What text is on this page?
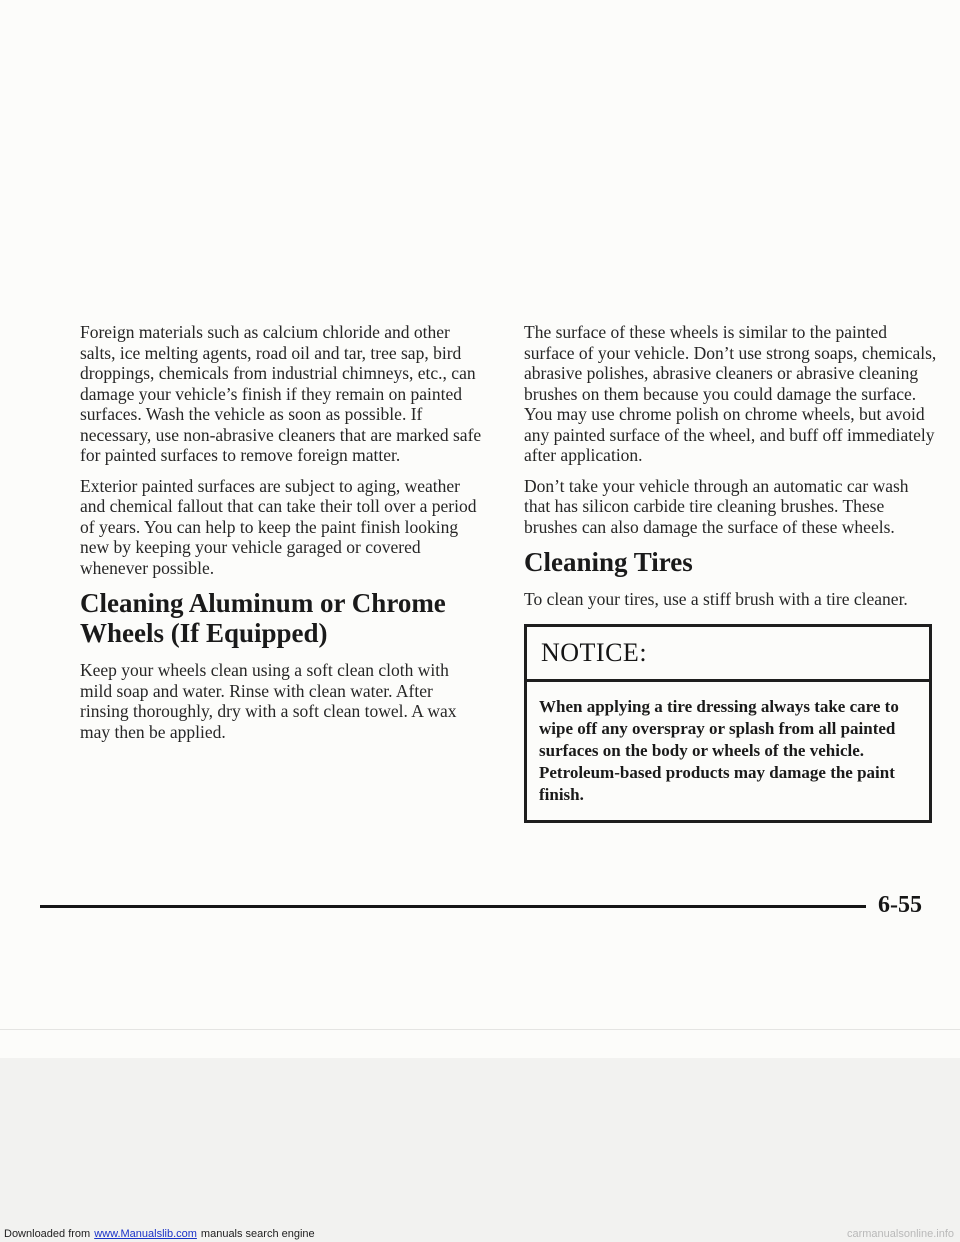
Foreign materials such as calcium chloride and other salts, ice melting agents, road oil and tar, tree sap, bird droppings, chemicals from industrial chimneys, etc., can damage your vehicle’s finish if they remain on painted surfaces. Wash the vehicle as soon as possible. If necessary, use non-abrasive cleaners that are marked safe for painted surfaces to remove foreign matter.

Exterior painted surfaces are subject to aging, weather and chemical fallout that can take their toll over a period of years. You can help to keep the paint finish looking new by keeping your vehicle garaged or covered whenever possible.

Cleaning Aluminum or Chrome Wheels (If Equipped)

Keep your wheels clean using a soft clean cloth with mild soap and water. Rinse with clean water. After rinsing thoroughly, dry with a soft clean towel. A wax may then be applied.

The surface of these wheels is similar to the painted surface of your vehicle. Don’t use strong soaps, chemicals, abrasive polishes, abrasive cleaners or abrasive cleaning brushes on them because you could damage the surface. You may use chrome polish on chrome wheels, but avoid any painted surface of the wheel, and buff off immediately after application.

Don’t take your vehicle through an automatic car wash that has silicon carbide tire cleaning brushes. These brushes can also damage the surface of these wheels.

Cleaning Tires

To clean your tires, use a stiff brush with a tire cleaner.

NOTICE:
When applying a tire dressing always take care to wipe off any overspray or splash from all painted surfaces on the body or wheels of the vehicle. Petroleum-based products may damage the paint finish.
6-55
Downloaded from www.Manualslib.com manuals search engine	carmanualsonline.info
